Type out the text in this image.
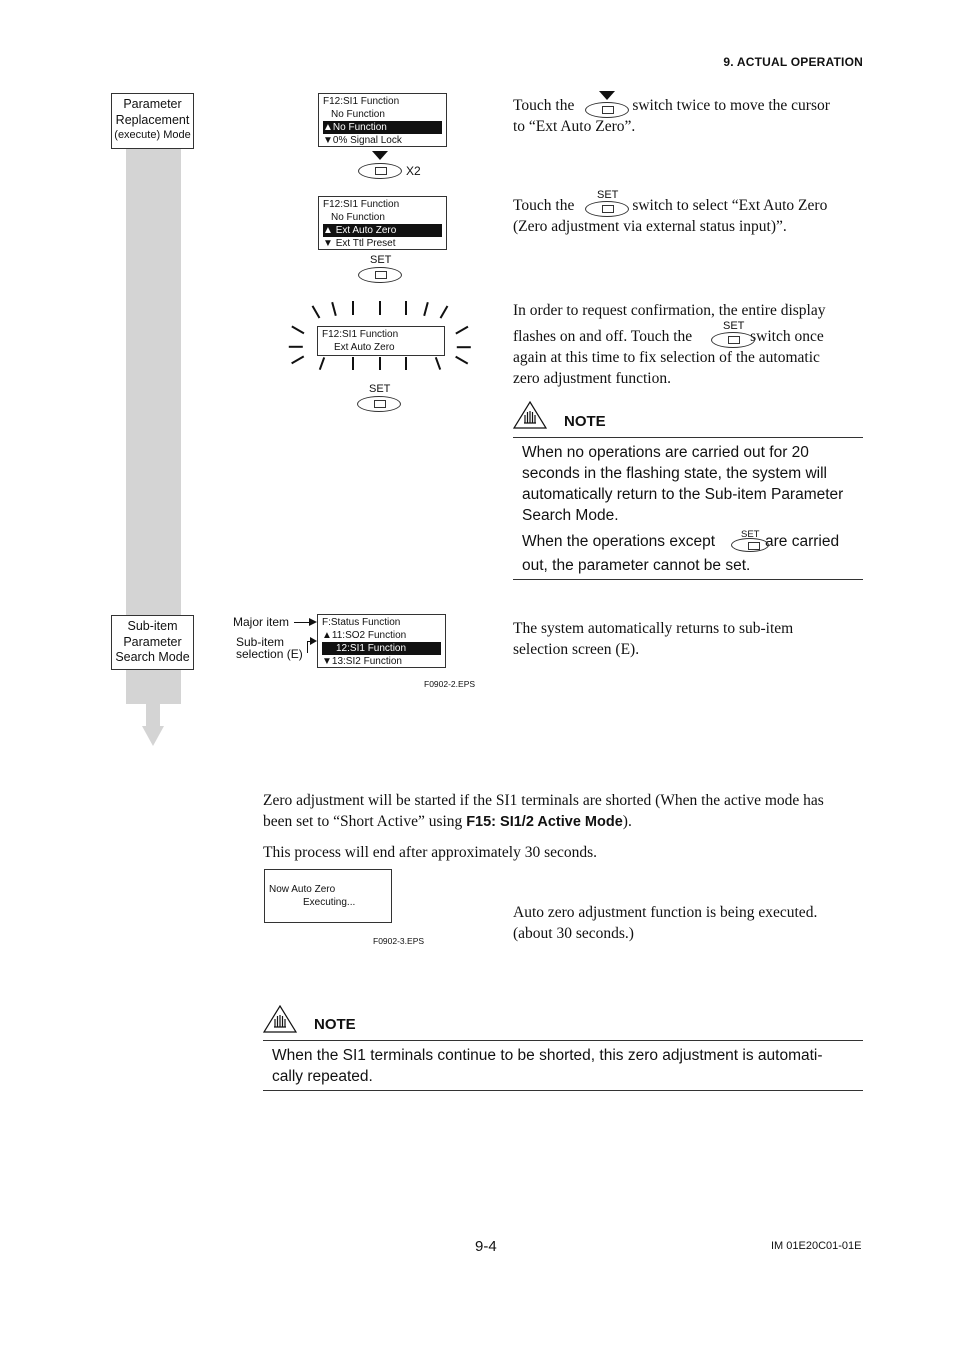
9. ACTUAL OPERATION
Parameter
Replacement
(execute) Mode
Sub-item
Parameter
Search Mode
F12:SI1 Function
No Function
▲No Function
▼0% Signal Lock
X2
F12:SI1 Function
No Function
▲ Ext Auto Zero
▼ Ext Ttl Preset
SET
F12:SI1 Function
Ext Auto Zero
SET
Major item
Sub-item
selection (E)
F:Status Function
▲11:SO2 Function
12:SI1 Function
▼13:SI2 Function
F0902-2.EPS
Touch the	switch twice to move the cursor
to “Ext Auto Zero”.
Touch the	switch to select “Ext Auto Zero
(Zero adjustment via external status input)”.
SET
In order to request confirmation, the entire display
flashes on and off. Touch the	switch once
again at this time to fix selection of the automatic
zero adjustment function.
SET
NOTE
When no operations are carried out for 20
seconds in the flashing state, the system will
automatically return to the Sub-item Parameter
Search Mode.
When the operations except	are carried
out, the parameter cannot be set.
SET
The system automatically returns to sub-item
selection screen (E).
Zero adjustment will be started if the SI1 terminals are shorted (When the active mode has
been set to “Short Active” using F15: SI1/2 Active Mode).
This process will end after approximately 30 seconds.
Now Auto Zero
Executing...
F0902-3.EPS
Auto zero adjustment function is being executed.
(about 30 seconds.)
NOTE
When the SI1 terminals continue to be shorted, this zero adjustment is automati-
cally repeated.
9-4	IM 01E20C01-01E
